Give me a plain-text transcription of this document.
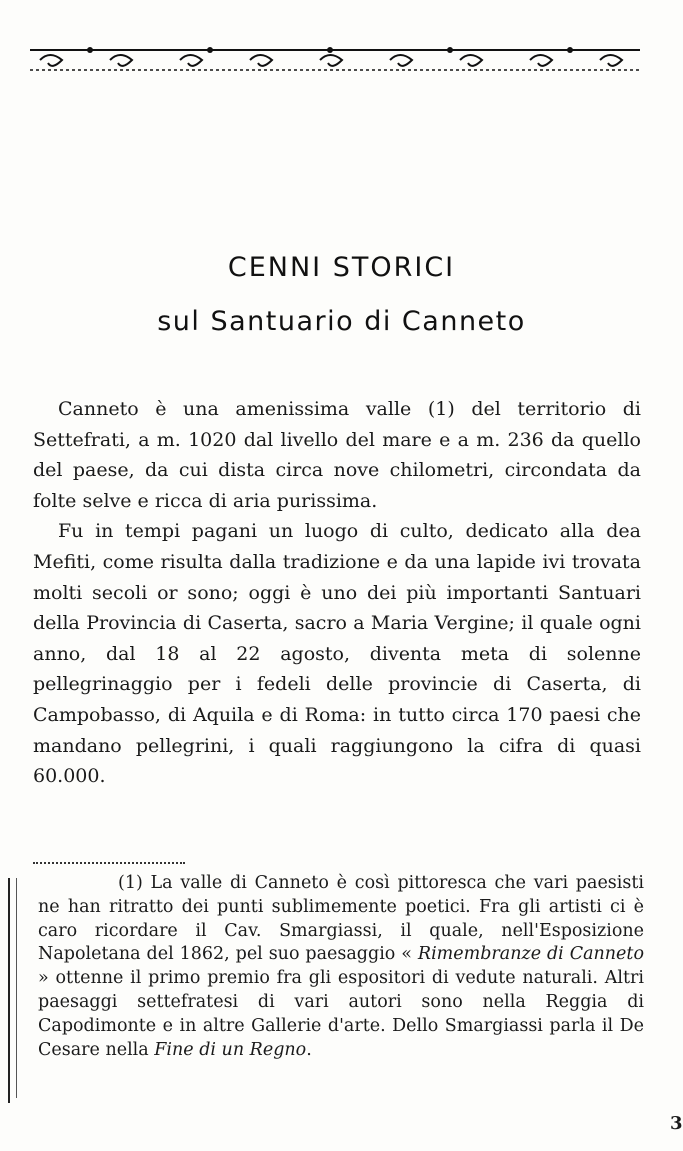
CENNI STORICI
sul Santuario di Canneto

Canneto è una amenissima valle (1) del territorio di Settefrati, a m. 1020 dal livello del mare e a m. 236 da quello del paese, da cui dista circa nove chilometri, circondata da folte selve e ricca di aria purissima.

Fu in tempi pagani un luogo di culto, dedicato alla dea Mefiti, come risulta dalla tradizione e da una lapide ivi trovata molti secoli or sono; oggi è uno dei più importanti Santuari della Provincia di Caserta, sacro a Maria Vergine; il quale ogni anno, dal 18 al 22 agosto, diventa meta di solenne pellegrinaggio per i fedeli delle provincie di Caserta, di Campobasso, di Aquila e di Roma: in tutto circa 170 paesi che mandano pellegrini, i quali raggiungono la cifra di quasi 60.000.

(1) La valle di Canneto è così pittoresca che vari paesisti ne han ritratto dei punti sublimemente poetici. Fra gli artisti ci è caro ricordare il Cav. Smargiassi, il quale, nell'Esposizione Napoletana del 1862, pel suo paesaggio « Rimembranze di Canneto » ottenne il primo premio fra gli espositori di vedute naturali. Altri paesaggi settefratesi di vari autori sono nella Reggia di Capodimonte e in altre Gallerie d'arte. Dello Smargiassi parla il De Cesare nella Fine di un Regno.

3
